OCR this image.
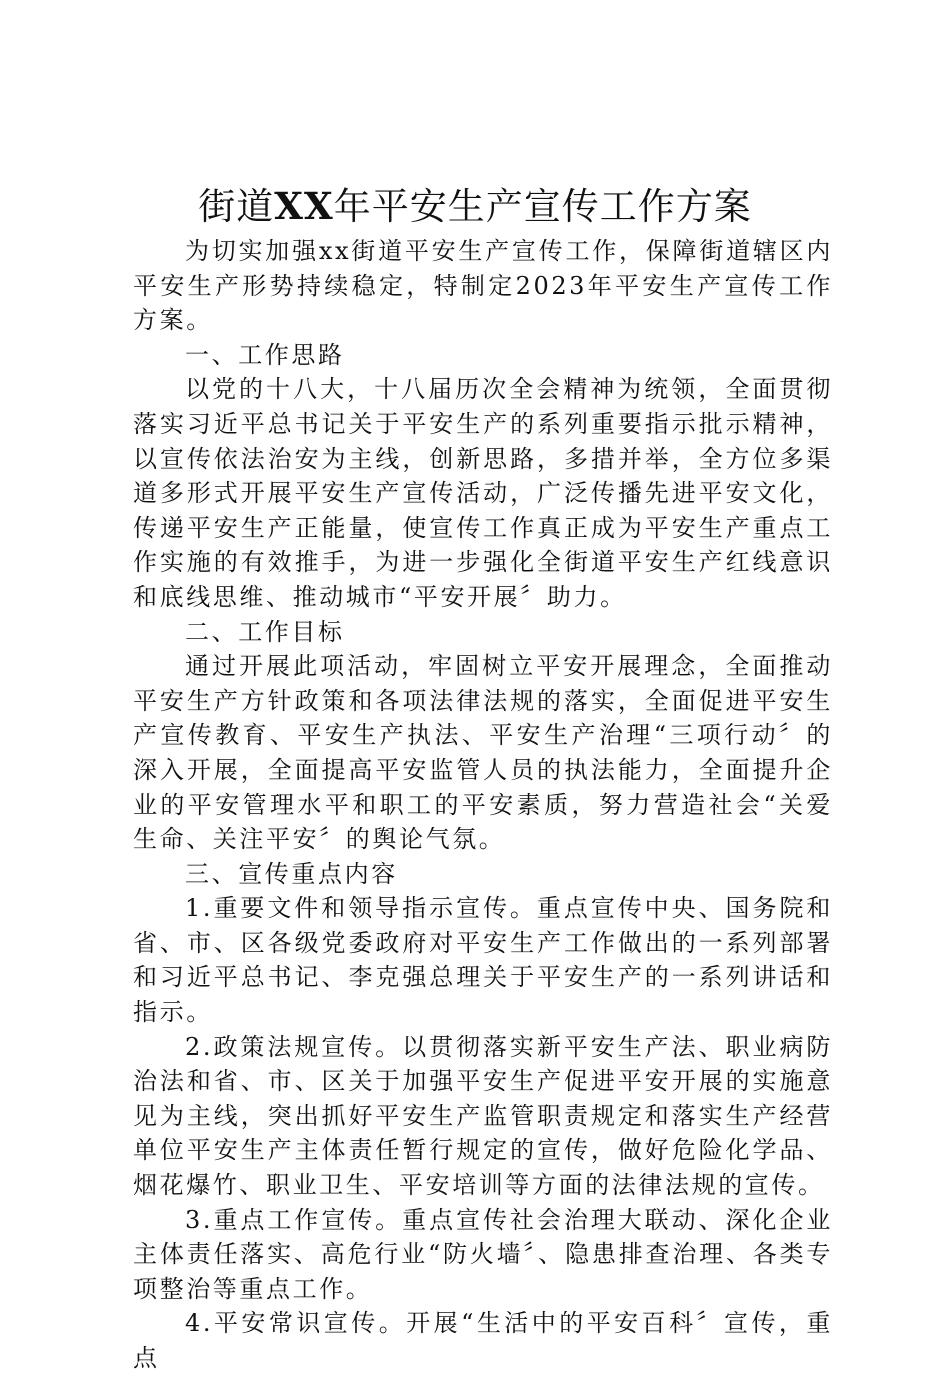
街道XX年平安生产宣传工作方案

为切实加强xx街道平安生产宣传工作，保障街道辖区内平安生产形势持续稳定，特制定2023年平安生产宣传工作方案。

一、工作思路

以党的十八大，十八届历次全会精神为统领，全面贯彻落实习近平总书记关于平安生产的系列重要指示批示精神，以宣传依法治安为主线，创新思路，多措并举，全方位多渠道多形式开展平安生产宣传活动，广泛传播先进平安文化，传递平安生产正能量，使宣传工作真正成为平安生产重点工作实施的有效推手，为进一步强化全街道平安生产红线意识和底线思维、推动城市“平安开展〞助力。

二、工作目标

通过开展此项活动，牢固树立平安开展理念，全面推动平安生产方针政策和各项法律法规的落实，全面促进平安生产宣传教育、平安生产执法、平安生产治理“三项行动〞的深入开展，全面提高平安监管人员的执法能力，全面提升企业的平安管理水平和职工的平安素质，努力营造社会“关爱生命、关注平安〞的舆论气氛。

三、宣传重点内容

1.重要文件和领导指示宣传。重点宣传中央、国务院和省、市、区各级党委政府对平安生产工作做出的一系列部署和习近平总书记、李克强总理关于平安生产的一系列讲话和指示。

2.政策法规宣传。以贯彻落实新平安生产法、职业病防治法和省、市、区关于加强平安生产促进平安开展的实施意见为主线，突出抓好平安生产监管职责规定和落实生产经营单位平安生产主体责任暂行规定的宣传，做好危险化学品、烟花爆竹、职业卫生、平安培训等方面的法律法规的宣传。

3.重点工作宣传。重点宣传社会治理大联动、深化企业主体责任落实、高危行业“防火墙〞、隐患排查治理、各类专项整治等重点工作。

4.平安常识宣传。开展“生活中的平安百科〞宣传，重点
